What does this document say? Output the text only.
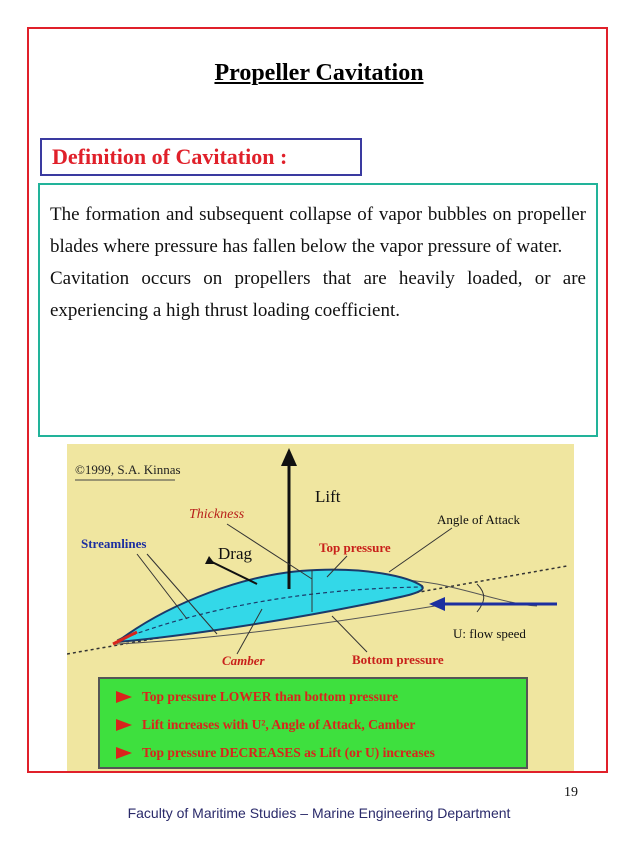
Propeller Cavitation
Definition of Cavitation :

The formation and subsequent collapse of vapor bubbles on propeller blades where pressure has fallen below the vapor pressure of water.

Cavitation occurs on propellers that are heavily loaded, or are experiencing a high thrust loading coefficient.

©1999, S.A. Kinnas
Lift
Drag
Thickness
Streamlines	Top pressure
Angle of Attack
U: flow speed
Camber	Bottom pressure
Top pressure LOWER than bottom pressure
Lift increases with U², Angle of Attack, Camber
Top pressure DECREASES as Lift (or U) increases
19
Faculty of Maritime Studies – Marine Engineering Department
